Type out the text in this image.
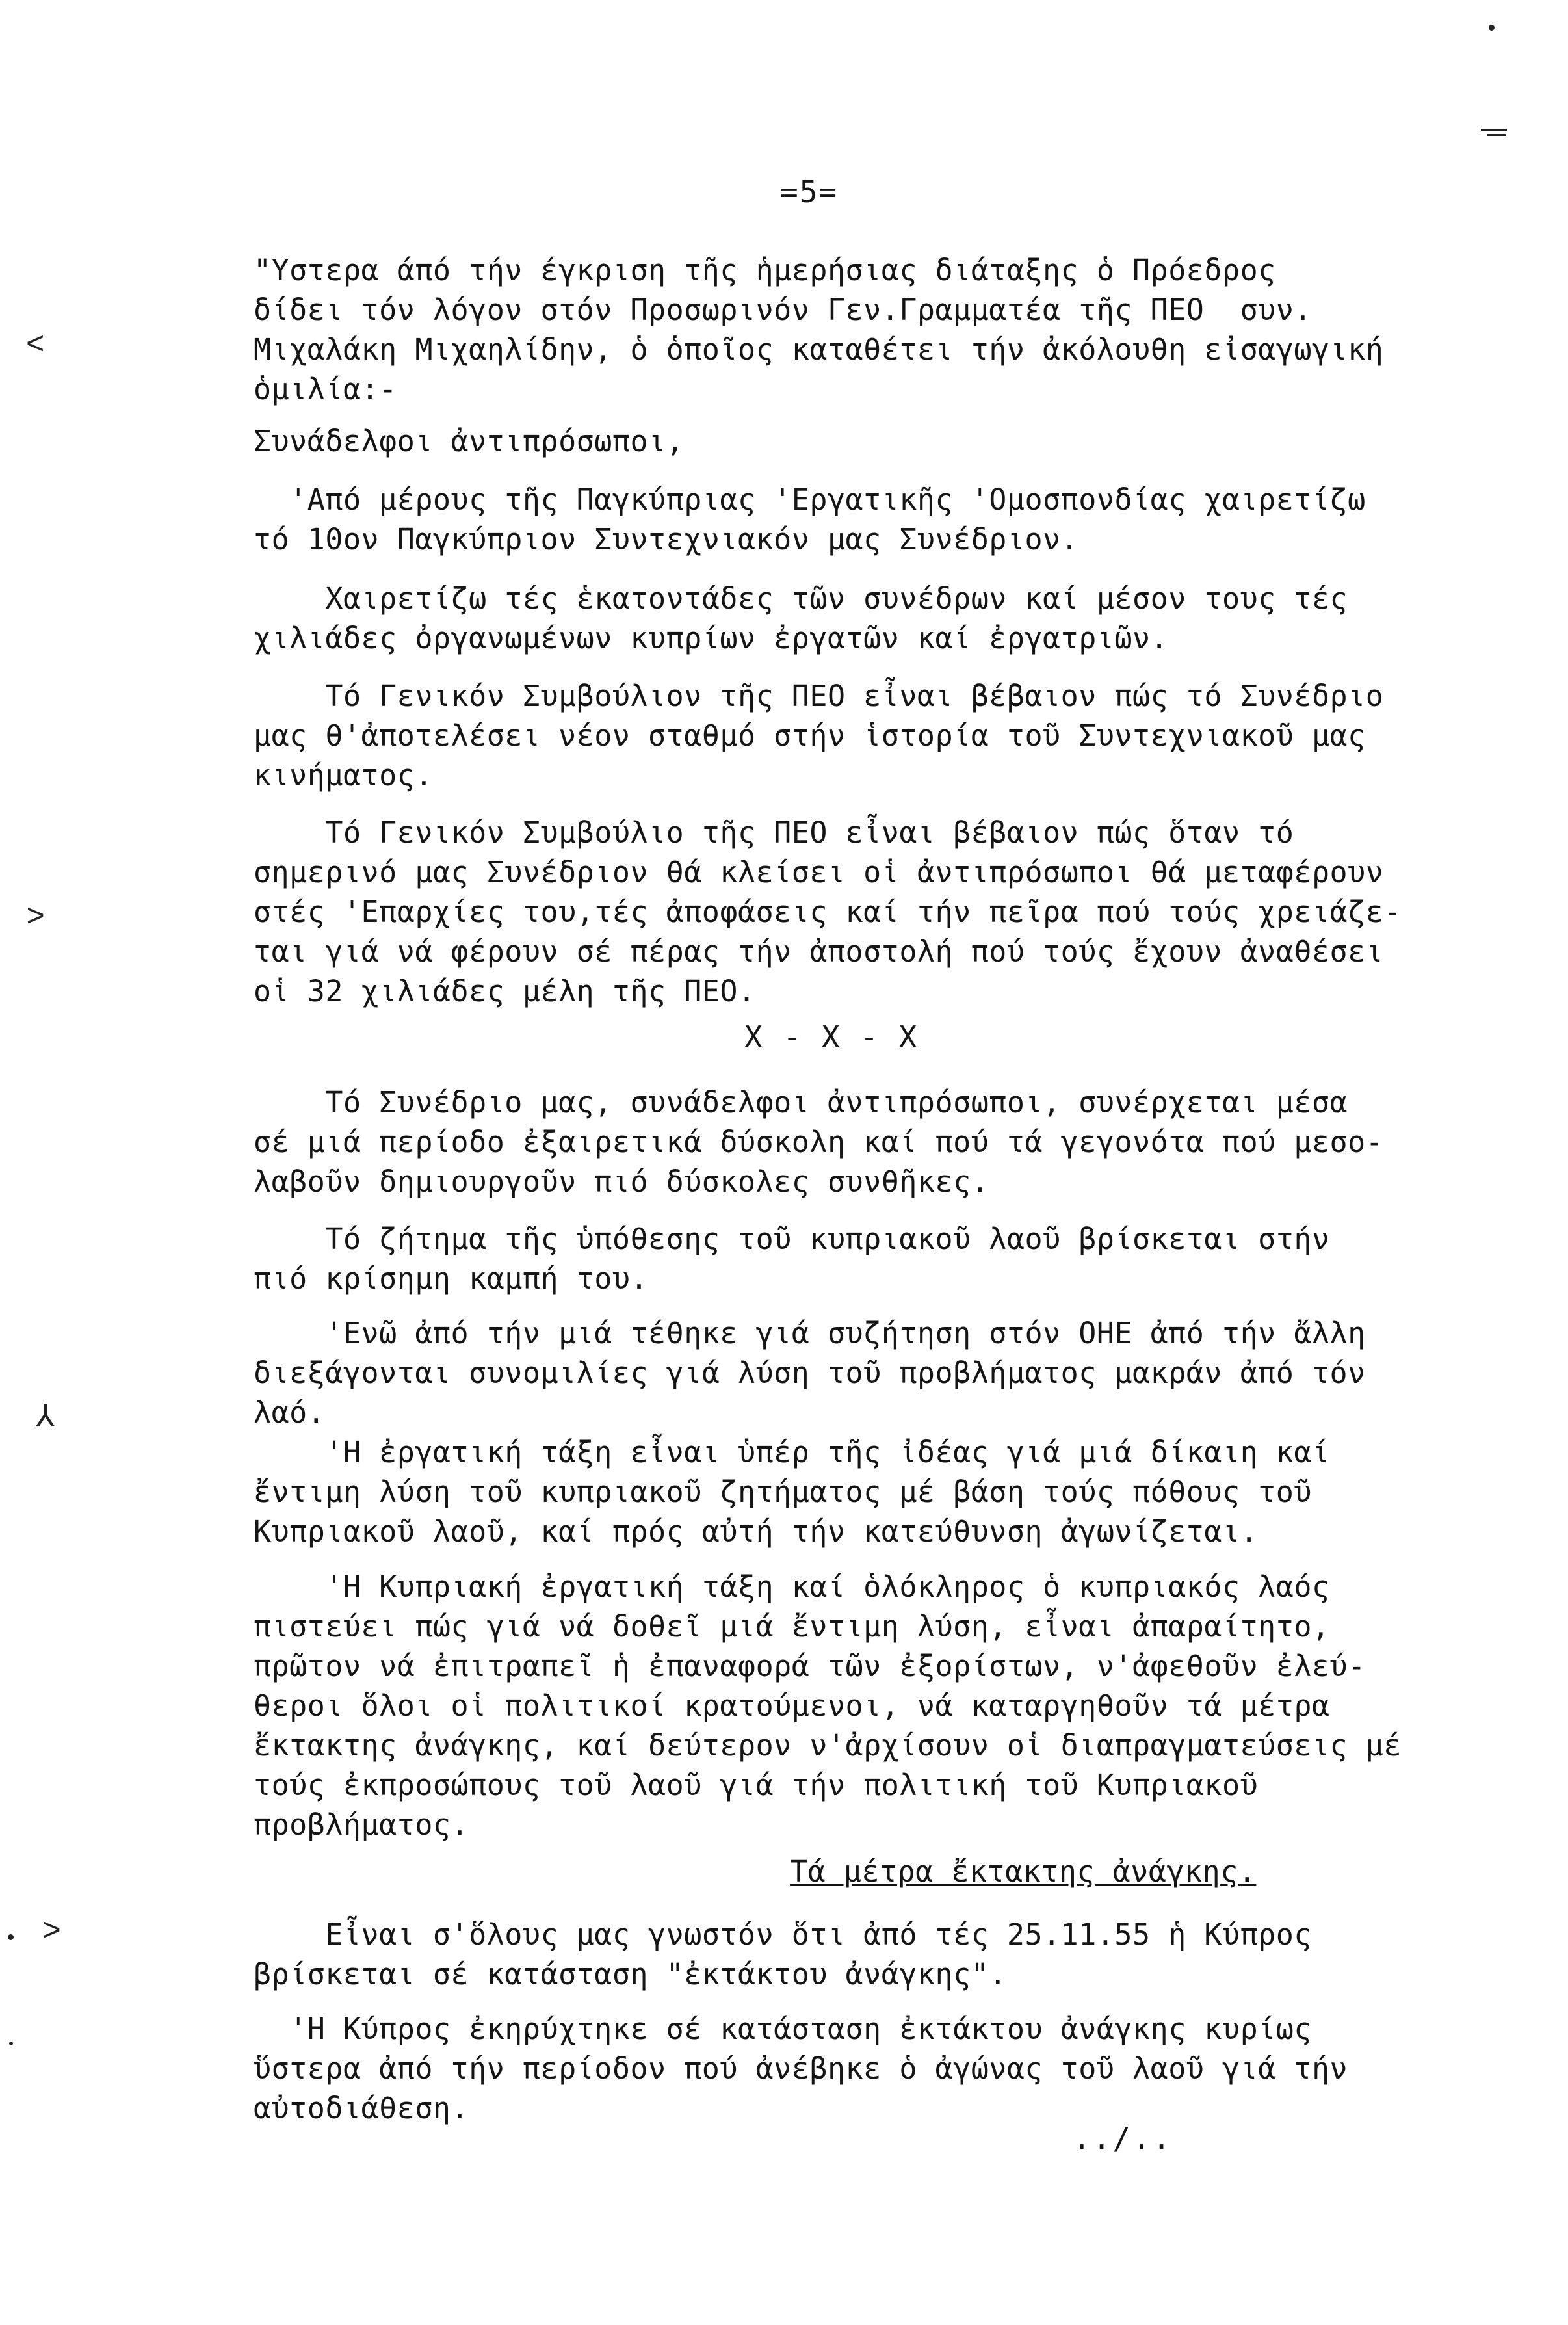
=5=
"Υστερα άπό τήν έγκριση τῆς ἡμερήσιας διάταξης ὁ Πρόεδρος
δίδει τόν λόγον στόν Προσωρινόν Γεν.Γραμματέα τῆς ΠΕΟ  συν.
Μιχαλάκη Μιχαηλίδην, ὁ ὁποῖος καταθέτει τήν ἀκόλουθη εἰσαγωγική
ὁμιλία:-
Συνάδελφοι ἀντιπρόσωποι,
'Από μέρους τῆς Παγκύπριας 'Εργατικῆς 'Ομοσπονδίας χαιρετίζω
τό 10ον Παγκύπριον Συντεχνιακόν μας Συνέδριον.
Χαιρετίζω τές ἑκατοντάδες τῶν συνέδρων καί μέσον τους τές
χιλιάδες ὀργανωμένων κυπρίων ἐργατῶν καί ἐργατριῶν.
Τό Γενικόν Συμβούλιον τῆς ΠΕΟ εἶναι βέβαιον πώς τό Συνέδριο
μας θ'ἀποτελέσει νέον σταθμό στήν ἱστορία τοῦ Συντεχνιακοῦ μας
κινήματος.
Τό Γενικόν Συμβούλιο τῆς ΠΕΟ εἶναι βέβαιον πώς ὅταν τό
σημερινό μας Συνέδριον θά κλείσει οἱ ἀντιπρόσωποι θά μεταφέρουν
στές 'Επαρχίες του,τές ἀποφάσεις καί τήν πεῖρα πού τούς χρειάζε-
ται γιά νά φέρουν σέ πέρας τήν ἀποστολή πού τούς ἔχουν ἀναθέσει
οἱ 32 χιλιάδες μέλη τῆς ΠΕΟ.
X - X - X
Τό Συνέδριο μας, συνάδελφοι ἀντιπρόσωποι, συνέρχεται μέσα
σέ μιά περίοδο ἐξαιρετικά δύσκολη καί πού τά γεγονότα πού μεσο-
λαβοῦν δημιουργοῦν πιό δύσκολες συνθῆκες.
Τό ζήτημα τῆς ὑπόθεσης τοῦ κυπριακοῦ λαοῦ βρίσκεται στήν
πιό κρίσημη καμπή του.
'Ενῶ ἀπό τήν μιά τέθηκε γιά συζήτηση στόν ΟΗΕ ἀπό τήν ἄλλη
διεξάγονται συνομιλίες γιά λύση τοῦ προβλήματος μακράν ἀπό τόν
λαό.
'Η ἐργατική τάξη εἶναι ὑπέρ τῆς ἰδέας γιά μιά δίκαιη καί
ἔντιμη λύση τοῦ κυπριακοῦ ζητήματος μέ βάση τούς πόθους τοῦ
Κυπριακοῦ λαοῦ, καί πρός αὐτή τήν κατεύθυνση ἀγωνίζεται.
'Η Κυπριακή ἐργατική τάξη καί ὁλόκληρος ὁ κυπριακός λαός
πιστεύει πώς γιά νά δοθεῖ μιά ἔντιμη λύση, εἶναι ἀπαραίτητο,
πρῶτον νά ἐπιτραπεῖ ἡ ἐπαναφορά τῶν ἐξορίστων, ν'ἀφεθοῦν ἐλεύ-
θεροι ὅλοι οἱ πολιτικοί κρατούμενοι, νά καταργηθοῦν τά μέτρα
ἔκτακτης ἀνάγκης, καί δεύτερον ν'ἀρχίσουν οἱ διαπραγματεύσεις μέ
τούς ἐκπροσώπους τοῦ λαοῦ γιά τήν πολιτική τοῦ Κυπριακοῦ
προβλήματος.
Τά μέτρα ἔκτακτης ἀνάγκης.
Εἶναι σ'ὅλους μας γνωστόν ὅτι ἀπό τές 25.11.55 ἡ Κύπρος
βρίσκεται σέ κατάσταση "ἐκτάκτου ἀνάγκης".
'Η Κύπρος ἐκηρύχτηκε σέ κατάσταση ἐκτάκτου ἀνάγκης κυρίως
ὕστερα ἀπό τήν περίοδον πού ἀνέβηκε ὁ ἀγώνας τοῦ λαοῦ γιά τήν
αὐτοδιάθεση.
../..
˂
˃
⅄
˃
